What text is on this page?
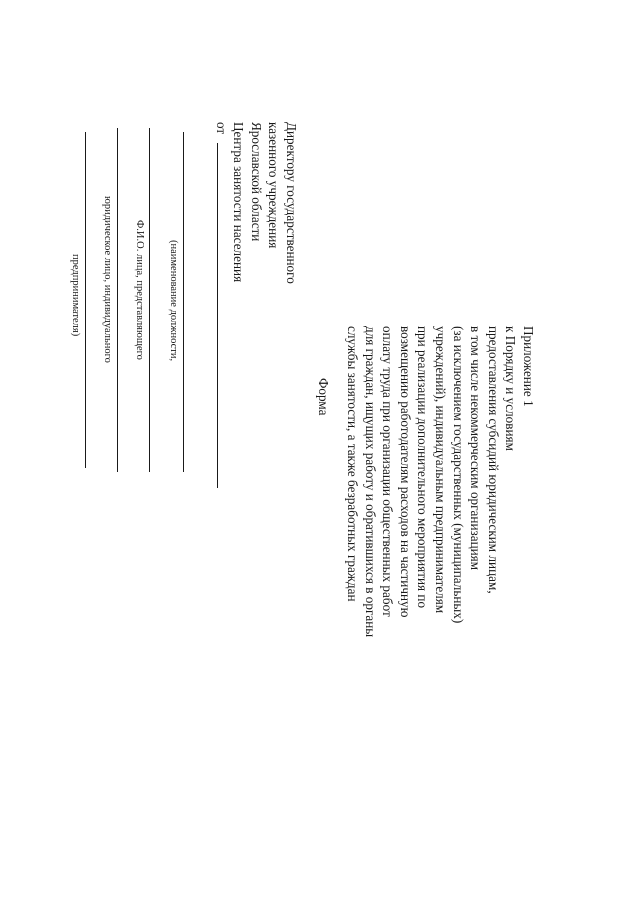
Приложение 1
к Порядку и условиям
предоставления субсидий юридическим лицам,
в том числе некоммерческим организациям
(за исключением государственных (муниципальных)
учреждений), индивидуальным предпринимателям
при реализации дополнительного мероприятия по
возмещению работодателям расходов на частичную
оплату труда при организации общественных работ
для граждан, ищущих работу и обратившихся в органы
службы занятости, а также безработных граждан
Форма
Директору государственного
казенного учреждения
Ярославской области
Центра занятости населения
от
(наименование должности,
Ф.И.О. лица, представляющего
юридическое лицо, индивидуального
предпринимателя)
